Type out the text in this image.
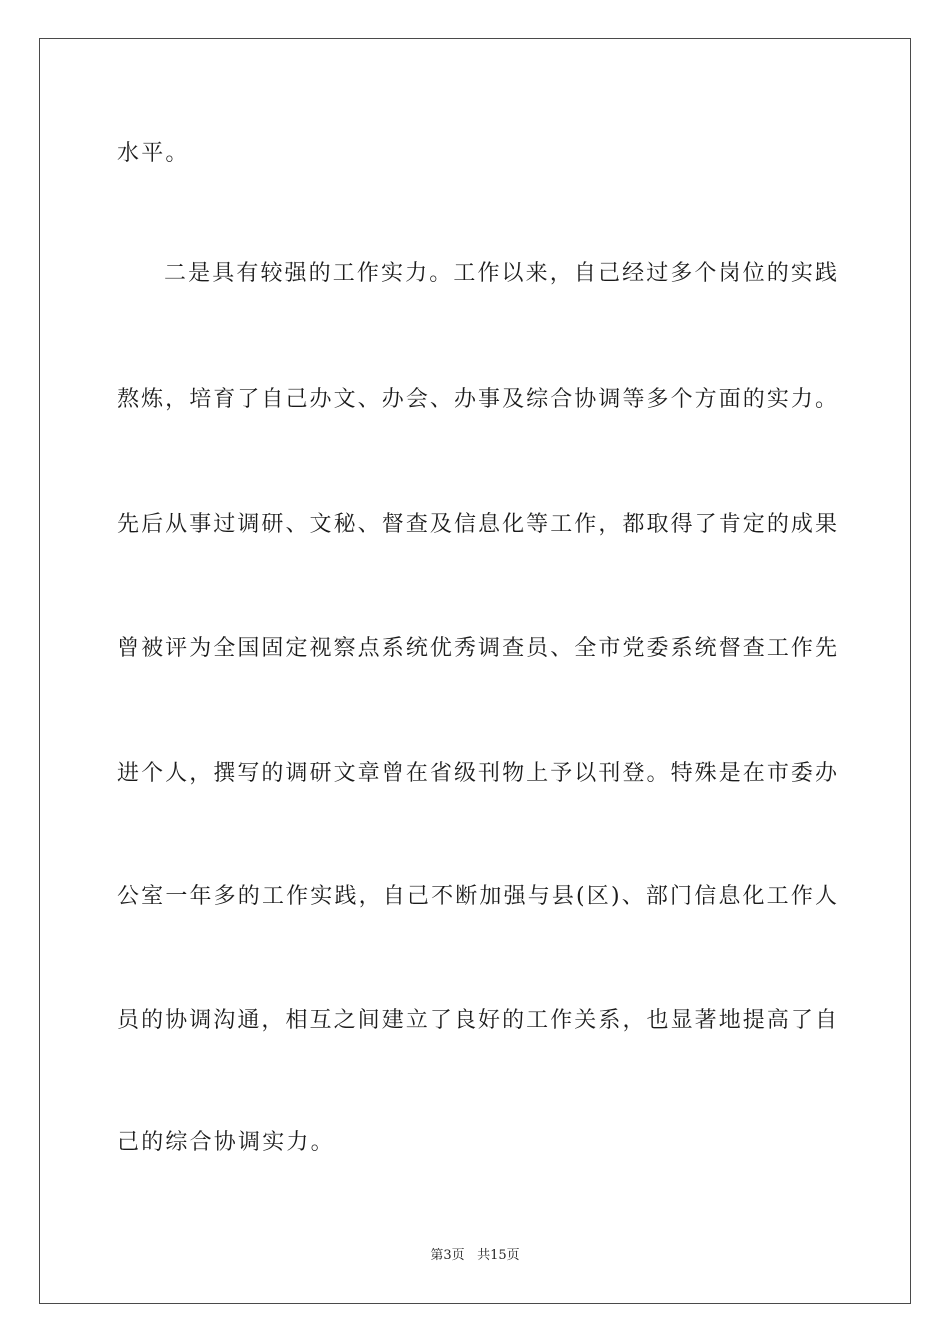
水平。
二是具有较强的工作实力。工作以来，自己经过多个岗位的实践
熬炼，培育了自己办文、办会、办事及综合协调等多个方面的实力。
先后从事过调研、文秘、督查及信息化等工作，都取得了肯定的成果
曾被评为全国固定视察点系统优秀调查员、全市党委系统督查工作先
进个人，撰写的调研文章曾在省级刊物上予以刊登。特殊是在市委办
公室一年多的工作实践，自己不断加强与县(区)、部门信息化工作人
员的协调沟通，相互之间建立了良好的工作关系，也显著地提高了自
己的综合协调实力。
第3页 共15页
